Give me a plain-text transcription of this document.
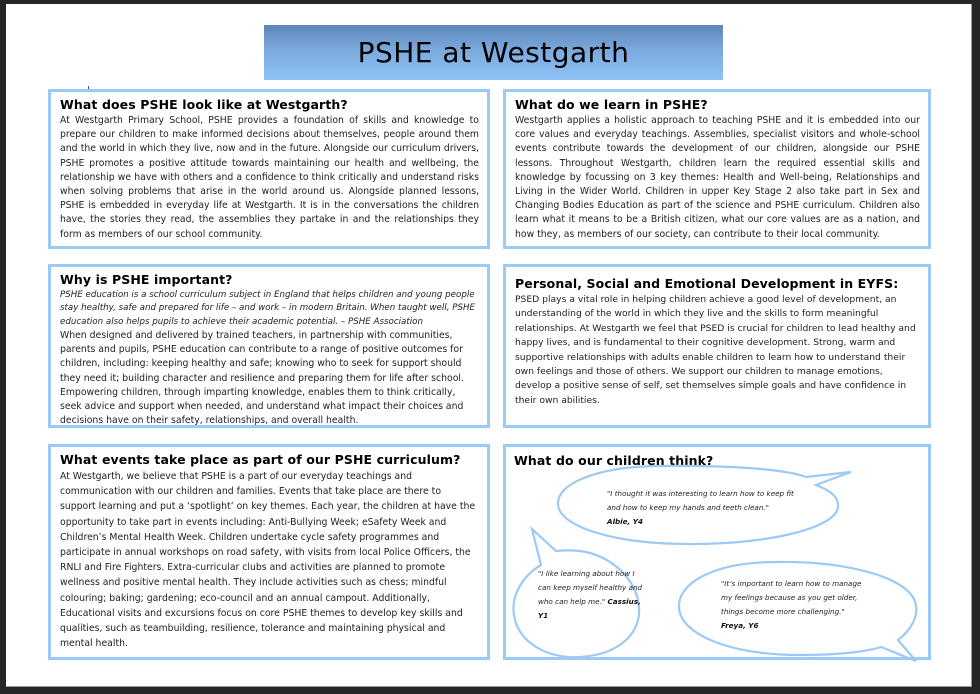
PSHE at Westgarth
What does PSHE look like at Westgarth?

At Westgarth Primary School, PSHE provides a foundation of skills and knowledge to prepare our children to make informed decisions about themselves, people around them and the world in which they live, now and in the future. Alongside our curriculum drivers, PSHE promotes a positive attitude towards maintaining our health and wellbeing, the relationship we have with others and a confidence to think critically and understand risks when solving problems that arise in the world around us. Alongside planned lessons, PSHE is embedded in everyday life at Westgarth. It is in the conversations the children have, the stories they read, the assemblies they partake in and the relationships they form as members of our school community.

What do we learn in PSHE?

Westgarth applies a holistic approach to teaching PSHE and it is embedded into our core values and everyday teachings. Assemblies, specialist visitors and whole-school events contribute towards the development of our children, alongside our PSHE lessons. Throughout Westgarth, children learn the required essential skills and knowledge by focussing on 3 key themes: Health and Well-being, Relationships and Living in the Wider World. Children in upper Key Stage 2 also take part in Sex and Changing Bodies Education as part of the science and PSHE curriculum. Children also learn what it means to be a British citizen, what our core values are as a nation, and how they, as members of our society, can contribute to their local community.

Why is PSHE important?

PSHE education is a school curriculum subject in England that helps children and young people stay healthy, safe and prepared for life – and work – in modern Britain. When taught well, PSHE education also helps pupils to achieve their academic potential. – PSHE Association

When designed and delivered by trained teachers, in partnership with communities, parents and pupils, PSHE education can contribute to a range of positive outcomes for children, including: keeping healthy and safe; knowing who to seek for support should they need it; building character and resilience and preparing them for life after school. Empowering children, through imparting knowledge, enables them to think critically, seek advice and support when needed, and understand what impact their choices and decisions have on their safety, relationships, and overall health.

Personal, Social and Emotional Development in EYFS:

PSED plays a vital role in helping children achieve a good level of development, an understanding of the world in which they live and the skills to form meaningful relationships. At Westgarth we feel that PSED is crucial for children to lead healthy and happy lives, and is fundamental to their cognitive development. Strong, warm and supportive relationships with adults enable children to learn how to understand their own feelings and those of others. We support our children to manage emotions, develop a positive sense of self, set themselves simple goals and have confidence in their own abilities.

What events take place as part of our PSHE curriculum?

At Westgarth, we believe that PSHE is a part of our everyday teachings and communication with our children and families. Events that take place are there to support learning and put a ‘spotlight’ on key themes. Each year, the children at have the opportunity to take part in events including: Anti-Bullying Week; eSafety Week and Children’s Mental Health Week. Children undertake cycle safety programmes and participate in annual workshops on road safety, with visits from local Police Officers, the RNLI and Fire Fighters. Extra-curricular clubs and activities are planned to promote wellness and positive mental health. They include activities such as chess; mindful colouring; baking; gardening; eco-council and an annual campout. Additionally, Educational visits and excursions focus on core PSHE themes to develop key skills and qualities, such as teambuilding, resilience, tolerance and maintaining physical and mental health.

What do our children think?
"I thought it was interesting to learn how to keep fit and how to keep my hands and teeth clean."
Albie, Y4
"I like learning about how I can keep myself healthy and who can help me." Cassius, Y1
"It’s important to learn how to manage my feelings because as you get older, things become more challenging."
Freya, Y6
